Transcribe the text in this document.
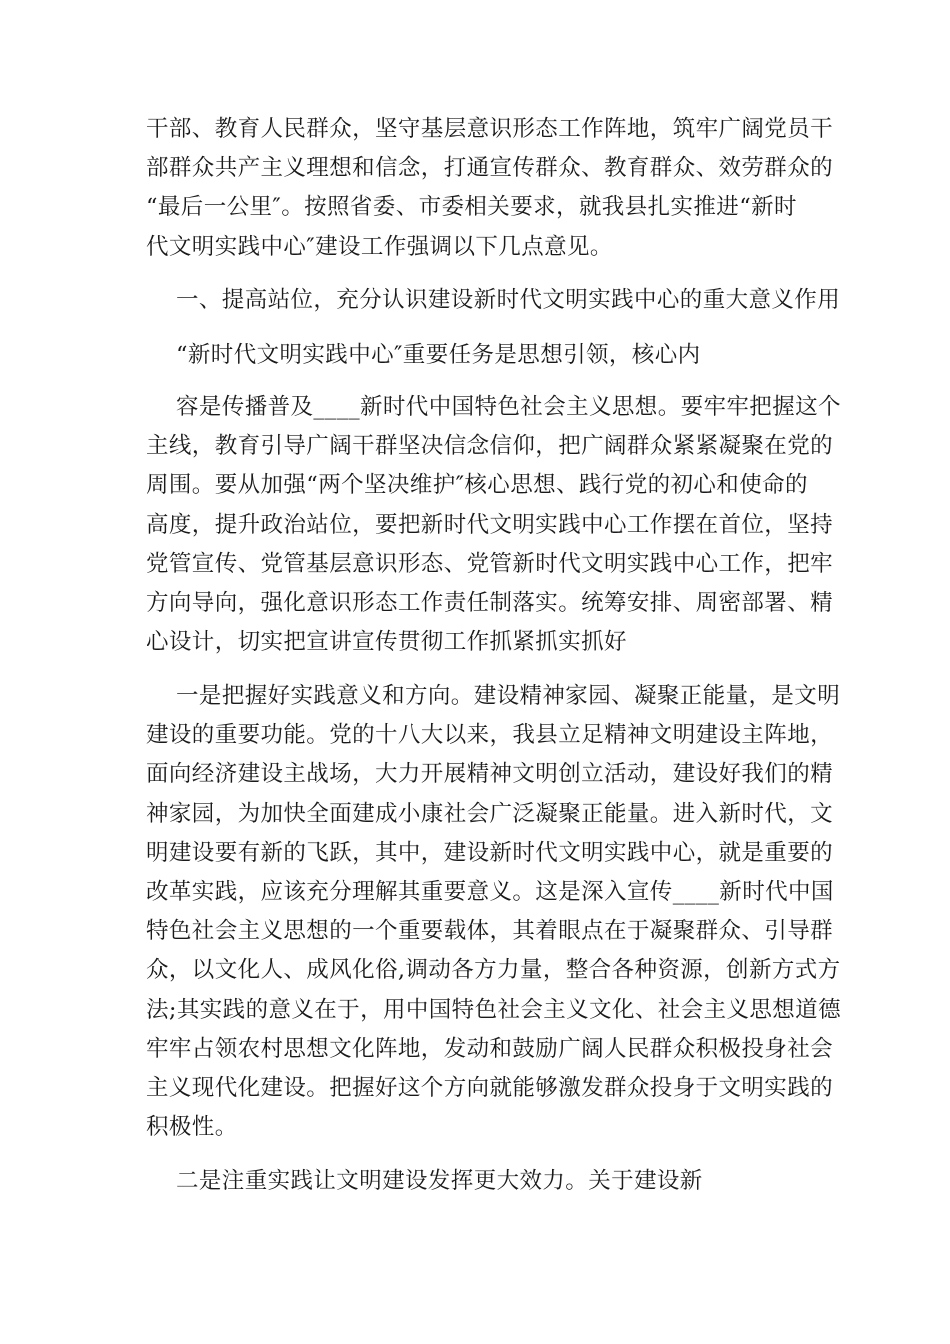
干部、教育人民群众，坚守基层意识形态工作阵地，筑牢广阔党员干
部群众共产主义理想和信念，打通宣传群众、教育群众、效劳群众的
“最后一公里″。按照省委、市委相关要求，就我县扎实推进“新时
代文明实践中心″建设工作强调以下几点意见。
一、提高站位，充分认识建设新时代文明实践中心的重大意义作用
“新时代文明实践中心″重要任务是思想引领，核心内
容是传播普及____新时代中国特色社会主义思想。要牢牢把握这个
主线，教育引导广阔干群坚决信念信仰，把广阔群众紧紧凝聚在党的
周围。要从加强“两个坚决维护″核心思想、践行党的初心和使命的
高度，提升政治站位，要把新时代文明实践中心工作摆在首位，坚持
党管宣传、党管基层意识形态、党管新时代文明实践中心工作，把牢
方向导向，强化意识形态工作责任制落实。统筹安排、周密部署、精
心设计，切实把宣讲宣传贯彻工作抓紧抓实抓好
一是把握好实践意义和方向。建设精神家园、凝聚正能量，是文明
建设的重要功能。党的十八大以来，我县立足精神文明建设主阵地，
面向经济建设主战场，大力开展精神文明创立活动，建设好我们的精
神家园，为加快全面建成小康社会广泛凝聚正能量。进入新时代，文
明建设要有新的飞跃，其中，建设新时代文明实践中心，就是重要的
改革实践，应该充分理解其重要意义。这是深入宣传____新时代中国
特色社会主义思想的一个重要载体，其着眼点在于凝聚群众、引导群
众，以文化人、成风化俗,调动各方力量，整合各种资源，创新方式方
法;其实践的意义在于，用中国特色社会主义文化、社会主义思想道德
牢牢占领农村思想文化阵地，发动和鼓励广阔人民群众积极投身社会
主义现代化建设。把握好这个方向就能够激发群众投身于文明实践的
积极性。
二是注重实践让文明建设发挥更大效力。关于建设新
